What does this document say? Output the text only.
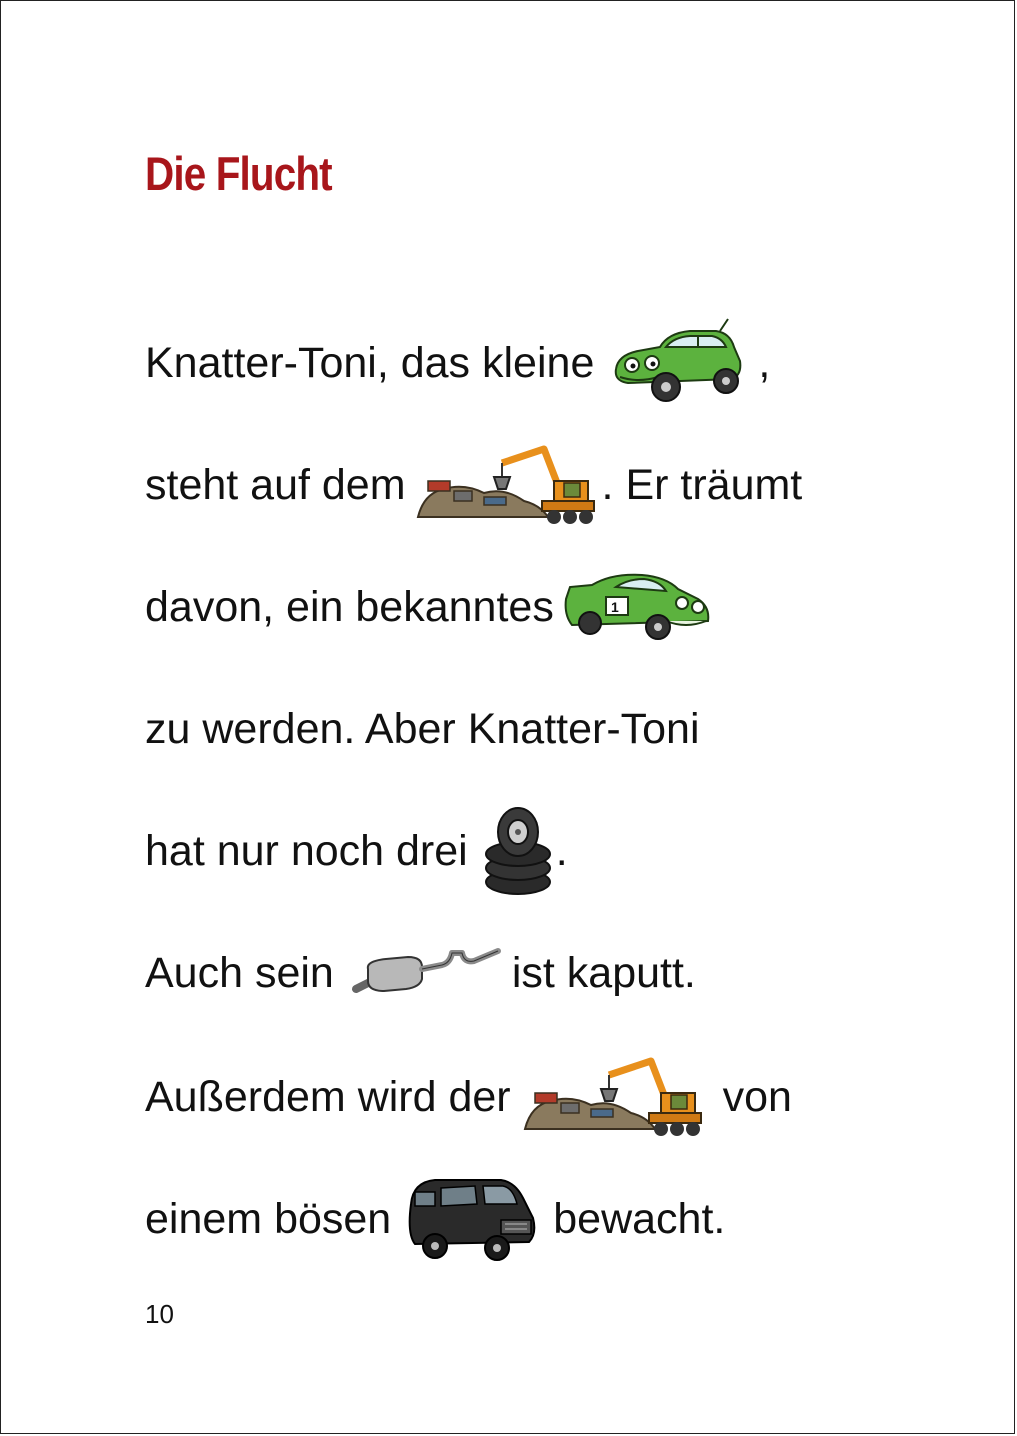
Die Flucht
Knatter-Toni, das kleine	,
steht auf dem	. Er träumt
davon, ein bekanntes	1
zu werden. Aber Knatter-Toni
hat nur noch drei .
Auch sein	ist kaputt.
Außerdem wird der	von
einem bösen	bewacht.
10
